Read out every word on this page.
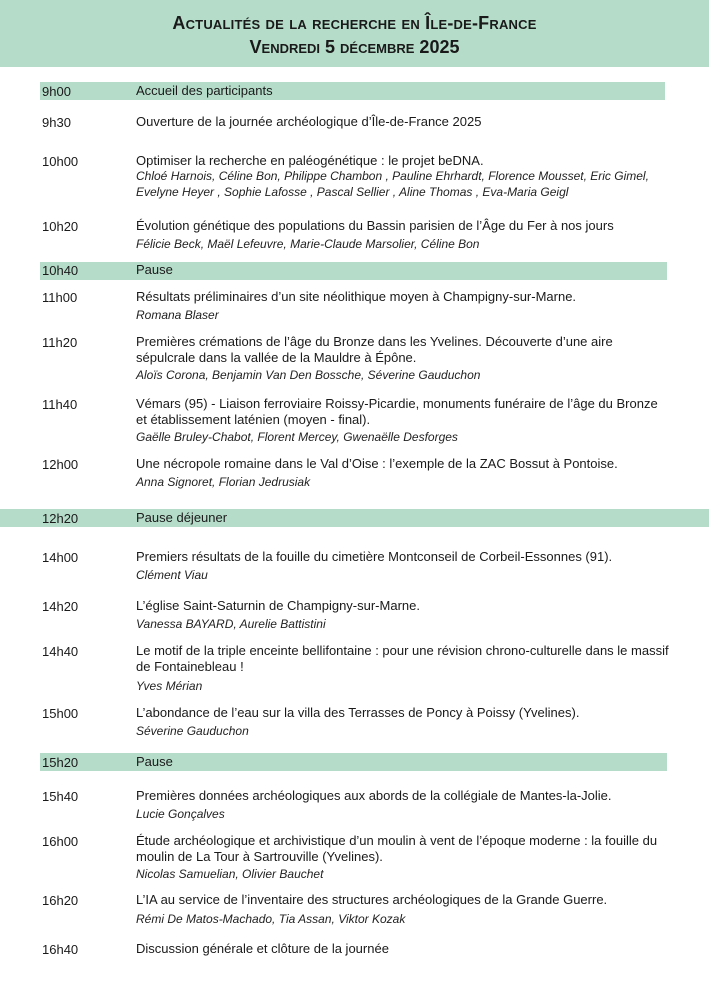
Actualités de la recherche en Île-de-France
Vendredi 5 décembre 2025
9h00	Accueil des participants
9h30	Ouverture de la journée archéologique d’Île-de-France 2025
10h00	Optimiser la recherche en paléogénétique : le projet beDNA.
Chloé Harnois, Céline Bon, Philippe Chambon , Pauline Ehrhardt, Florence Mousset, Eric Gimel, Evelyne Heyer , Sophie Lafosse , Pascal Sellier , Aline Thomas , Eva-Maria Geigl
10h20	Évolution génétique des populations du Bassin parisien de l’Âge du Fer à nos jours
Félicie Beck, Maël Lefeuvre, Marie-Claude Marsolier, Céline Bon
10h40	Pause
11h00	Résultats préliminaires d’un site néolithique moyen à Champigny-sur-Marne.
Romana Blaser
11h20	Premières crémations de l’âge du Bronze dans les Yvelines. Découverte d’une aire sépulcrale dans la vallée de la Mauldre à Épône.
Aloïs Corona, Benjamin Van Den Bossche, Séverine Gauduchon
11h40	Vémars (95) - Liaison ferroviaire Roissy-Picardie, monuments funéraire de l’âge du Bronze et établissement laténien (moyen - final).
Gaëlle Bruley-Chabot, Florent Mercey, Gwenaëlle Desforges
12h00	Une nécropole romaine dans le Val d’Oise : l’exemple de la ZAC Bossut à Pontoise.
Anna Signoret, Florian Jedrusiak
12h20	Pause déjeuner
14h00	Premiers résultats de la fouille du cimetière Montconseil de Corbeil-Essonnes (91).
Clément Viau
14h20	L’église Saint-Saturnin de Champigny-sur-Marne.
Vanessa BAYARD, Aurelie Battistini
14h40	Le motif de la triple enceinte bellifontaine : pour une révision chrono-culturelle dans le massif de Fontainebleau !
Yves Mérian
15h00	L’abondance de l’eau sur la villa des Terrasses de Poncy à Poissy (Yvelines).
Séverine Gauduchon
15h20	Pause
15h40	Premières données archéologiques aux abords de la collégiale de Mantes-la-Jolie.
Lucie Gonçalves
16h00	Étude archéologique et archivistique d’un moulin à vent de l’époque moderne : la fouille du moulin de La Tour à Sartrouville (Yvelines).
Nicolas Samuelian, Olivier Bauchet
16h20	L’IA au service de l’inventaire des structures archéologiques de la Grande Guerre.
Rémi De Matos-Machado, Tia Assan, Viktor Kozak
16h40	Discussion générale et clôture de la journée
